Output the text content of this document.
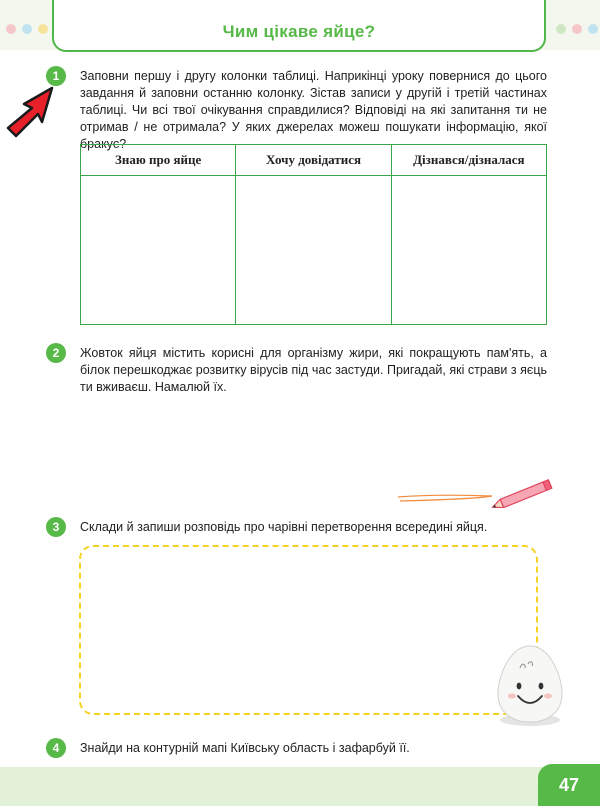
Чим цікаве яйце?
1	Заповни першу і другу колонки таблиці. Наприкінці уроку повернися до цього завдання й заповни останню колонку. Зістав записи у другій і третій частинах таблиці. Чи всі твої очікування справдилися? Відповіді на які запитання ти не отримав / не отримала? У яких джерелах можеш пошукати інформацію, якої бракує?
Знаю про яйце	Хочу довідатися	Дізнався/дізналася

2	Жовток яйця містить корисні для організму жири, які покращують пам'ять, а білок перешкоджає розвитку вірусів під час застуди. Пригадай, які страви з яєць ти вживаєш. Намалюй їх.
3	Склади й запиши розповідь про чарівні перетворення всередині яйця.
4	Знайди на контурній мапі Київську область і зафарбуй її.
47
